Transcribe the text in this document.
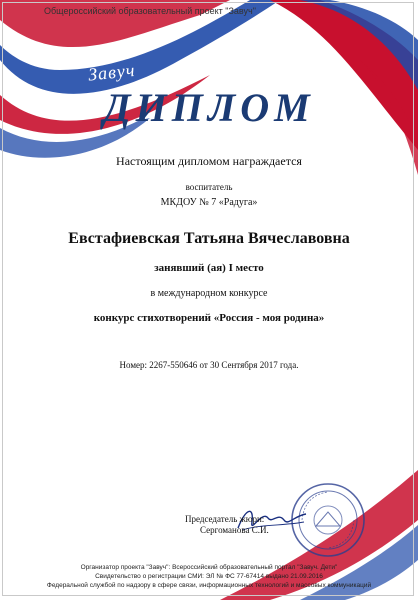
Общероссийский образовательный проект "Завуч"
Завуч
ДИПЛОМ
Настоящим дипломом награждается
воспитатель
МКДОУ № 7 «Радуга»
Евстафиевская Татьяна Вячеславовна
занявший (ая) I место
в международном конкурсе
конкурс стихотворений «Россия - моя родина»
Номер: 2267-550646 от 30 Сентября 2017 года.
Председатель жюри:
Сергоманова С.И.
Организатор проекта "Завуч": Всероссийский образовательный портал "Завуч. Дети"
Свидетельство о регистрации СМИ: ЭЛ № ФС 77-67414 выдано 21.09.2016
Федеральной службой по надзору в сфере связи, информационных технологий и массовых коммуникаций
